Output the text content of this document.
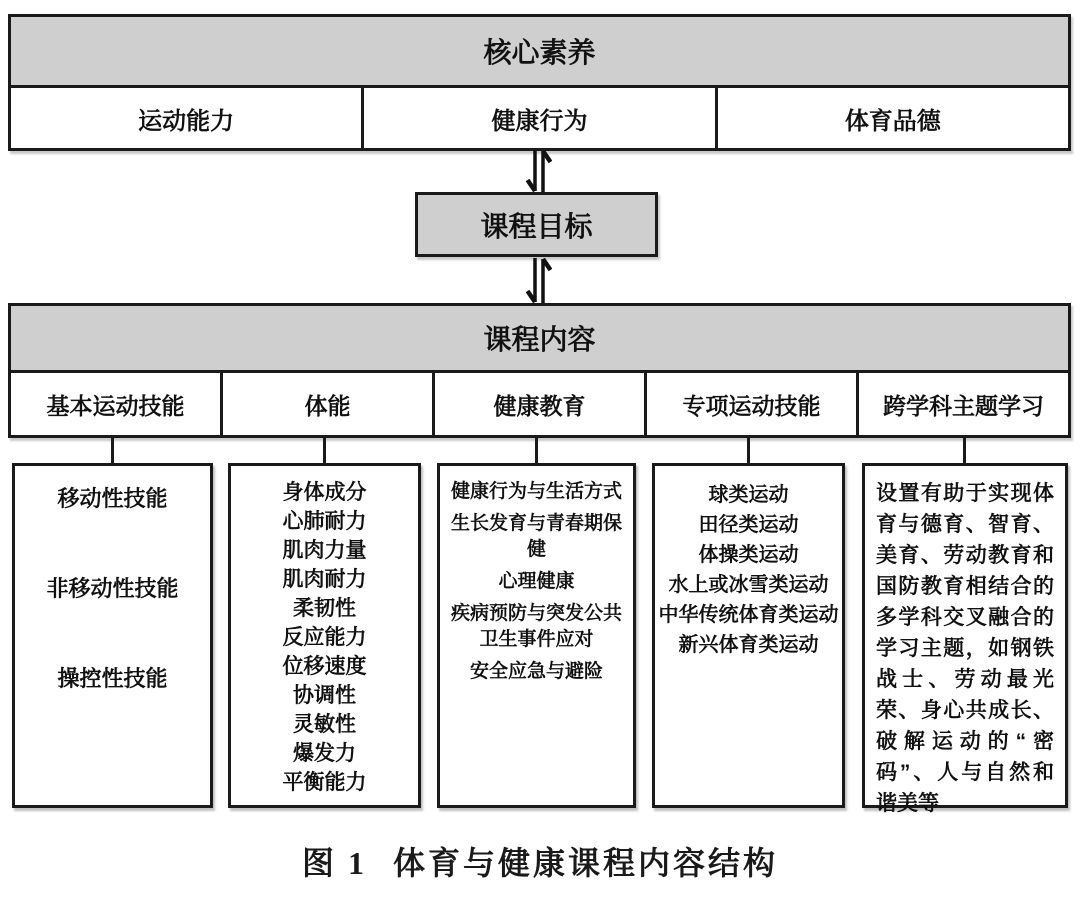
核心素养
运动能力	健康行为	体育品德
课程目标
课程内容
基本运动技能	体能	健康教育	专项运动技能	跨学科主题学习
移动性技能
非移动性技能
操控性技能
身体成分
心肺耐力
肌肉力量
肌肉耐力
柔韧性
反应能力
位移速度
协调性
灵敏性
爆发力
平衡能力
健康行为与生活方式
生长发育与青春期保健
心理健康
疾病预防与突发公共卫生事件应对
安全应急与避险
球类运动
田径类运动
体操类运动
水上或冰雪类运动
中华传统体育类运动
新兴体育类运动
设置有助于实现体育与德育、智育、美育、劳动教育和国防教育相结合的多学科交叉融合的学习主题，如钢铁战士、劳动最光荣、身心共成长、破解运动的“密码”、人与自然和谐美等
图 1 体育与健康课程内容结构
